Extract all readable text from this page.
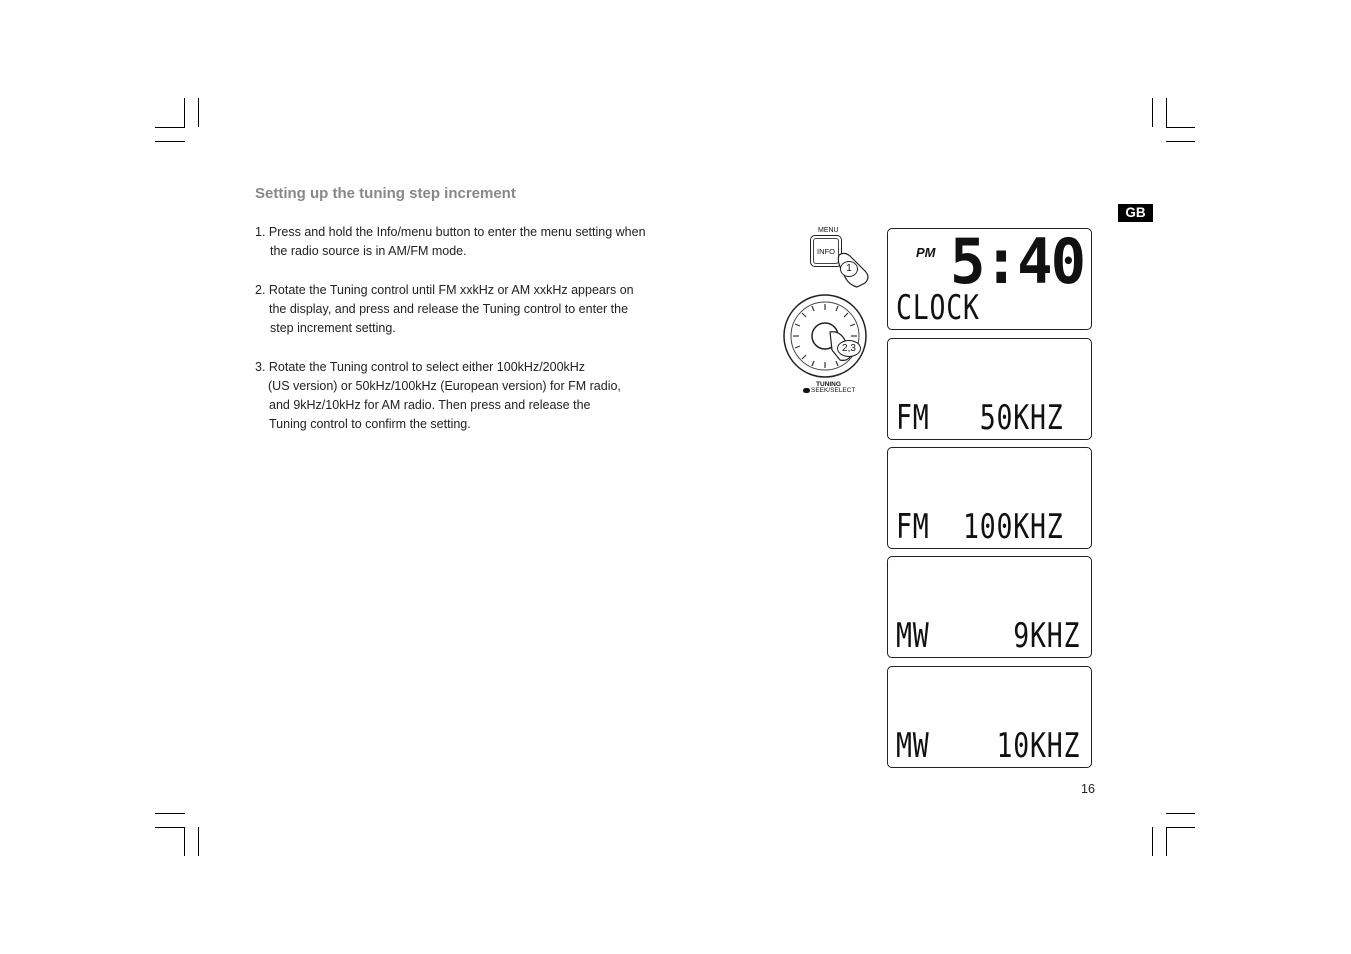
Setting up the tuning step increment
1. Press and hold the Info/menu button to enter the menu setting when
the radio source is in AM/FM mode.
2. Rotate the Tuning control until FM xxkHz or AM xxkHz appears on
the display, and press and release the Tuning control to enter the
step increment setting.
3. Rotate the Tuning control to select either 100kHz/200kHz
(US version) or 50kHz/100kHz (European version) for FM radio,
and 9kHz/10kHz for AM radio. Then press and release the
Tuning control to confirm the setting.
GB
MENU
INFO
1
2,3
TUNING
SEEK/SELECT
PM 5:40
CLOCK
FM   50KHZ
FM  100KHZ
MW     9KHZ
MW    10KHZ
16
